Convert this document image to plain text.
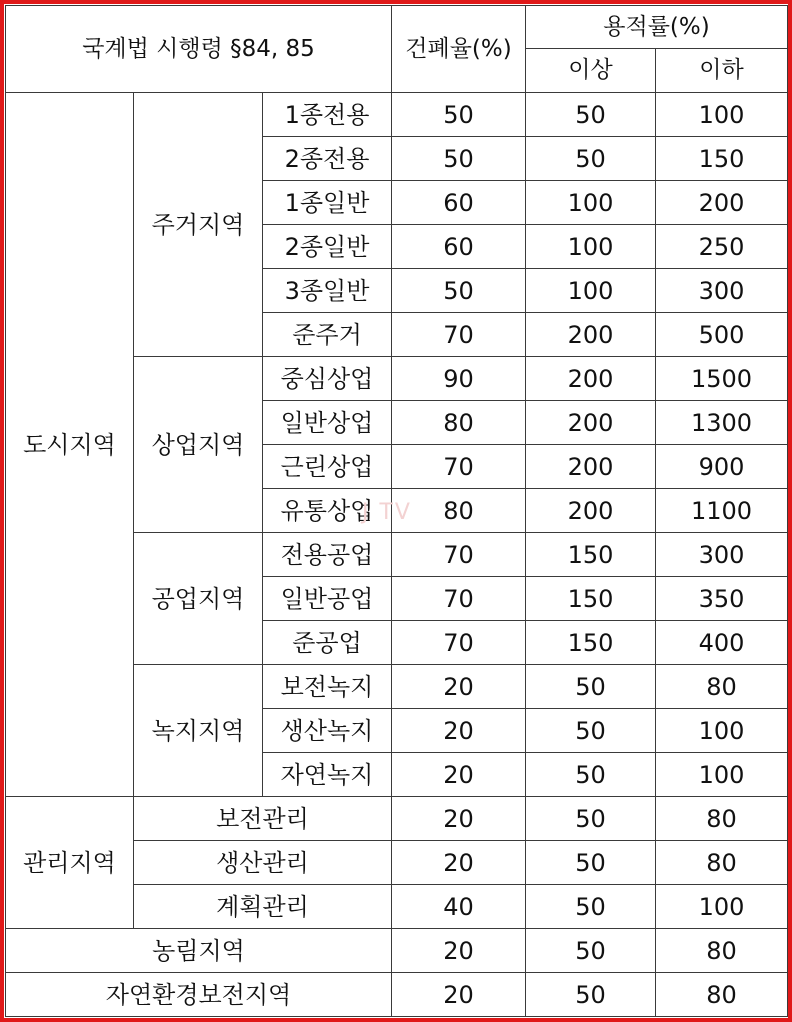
국계법 시행령 §84, 85			건폐율(%)	용적률(%)	
				이상	이하
도시지역	주거지역	1종전용	50	50	100
		2종전용	50	50	150
		1종일반	60	100	200
		2종일반	60	100	250
		3종일반	50	100	300
		준주거	70	200	500
	상업지역	중심상업	90	200	1500
		일반상업	80	200	1300
		근린상업	70	200	900
		유통상업	80	200	1100
	공업지역	전용공업	70	150	300
		일반공업	70	150	350
		준공업	70	150	400
	녹지지역	보전녹지	20	50	80
		생산녹지	20	50	100
		자연녹지	20	50	100
관리지역	보전관리		20	50	80
	생산관리		20	50	80
	계획관리		40	50	100
농림지역			20	50	80
자연환경보전지역			20	50	80
J TV
